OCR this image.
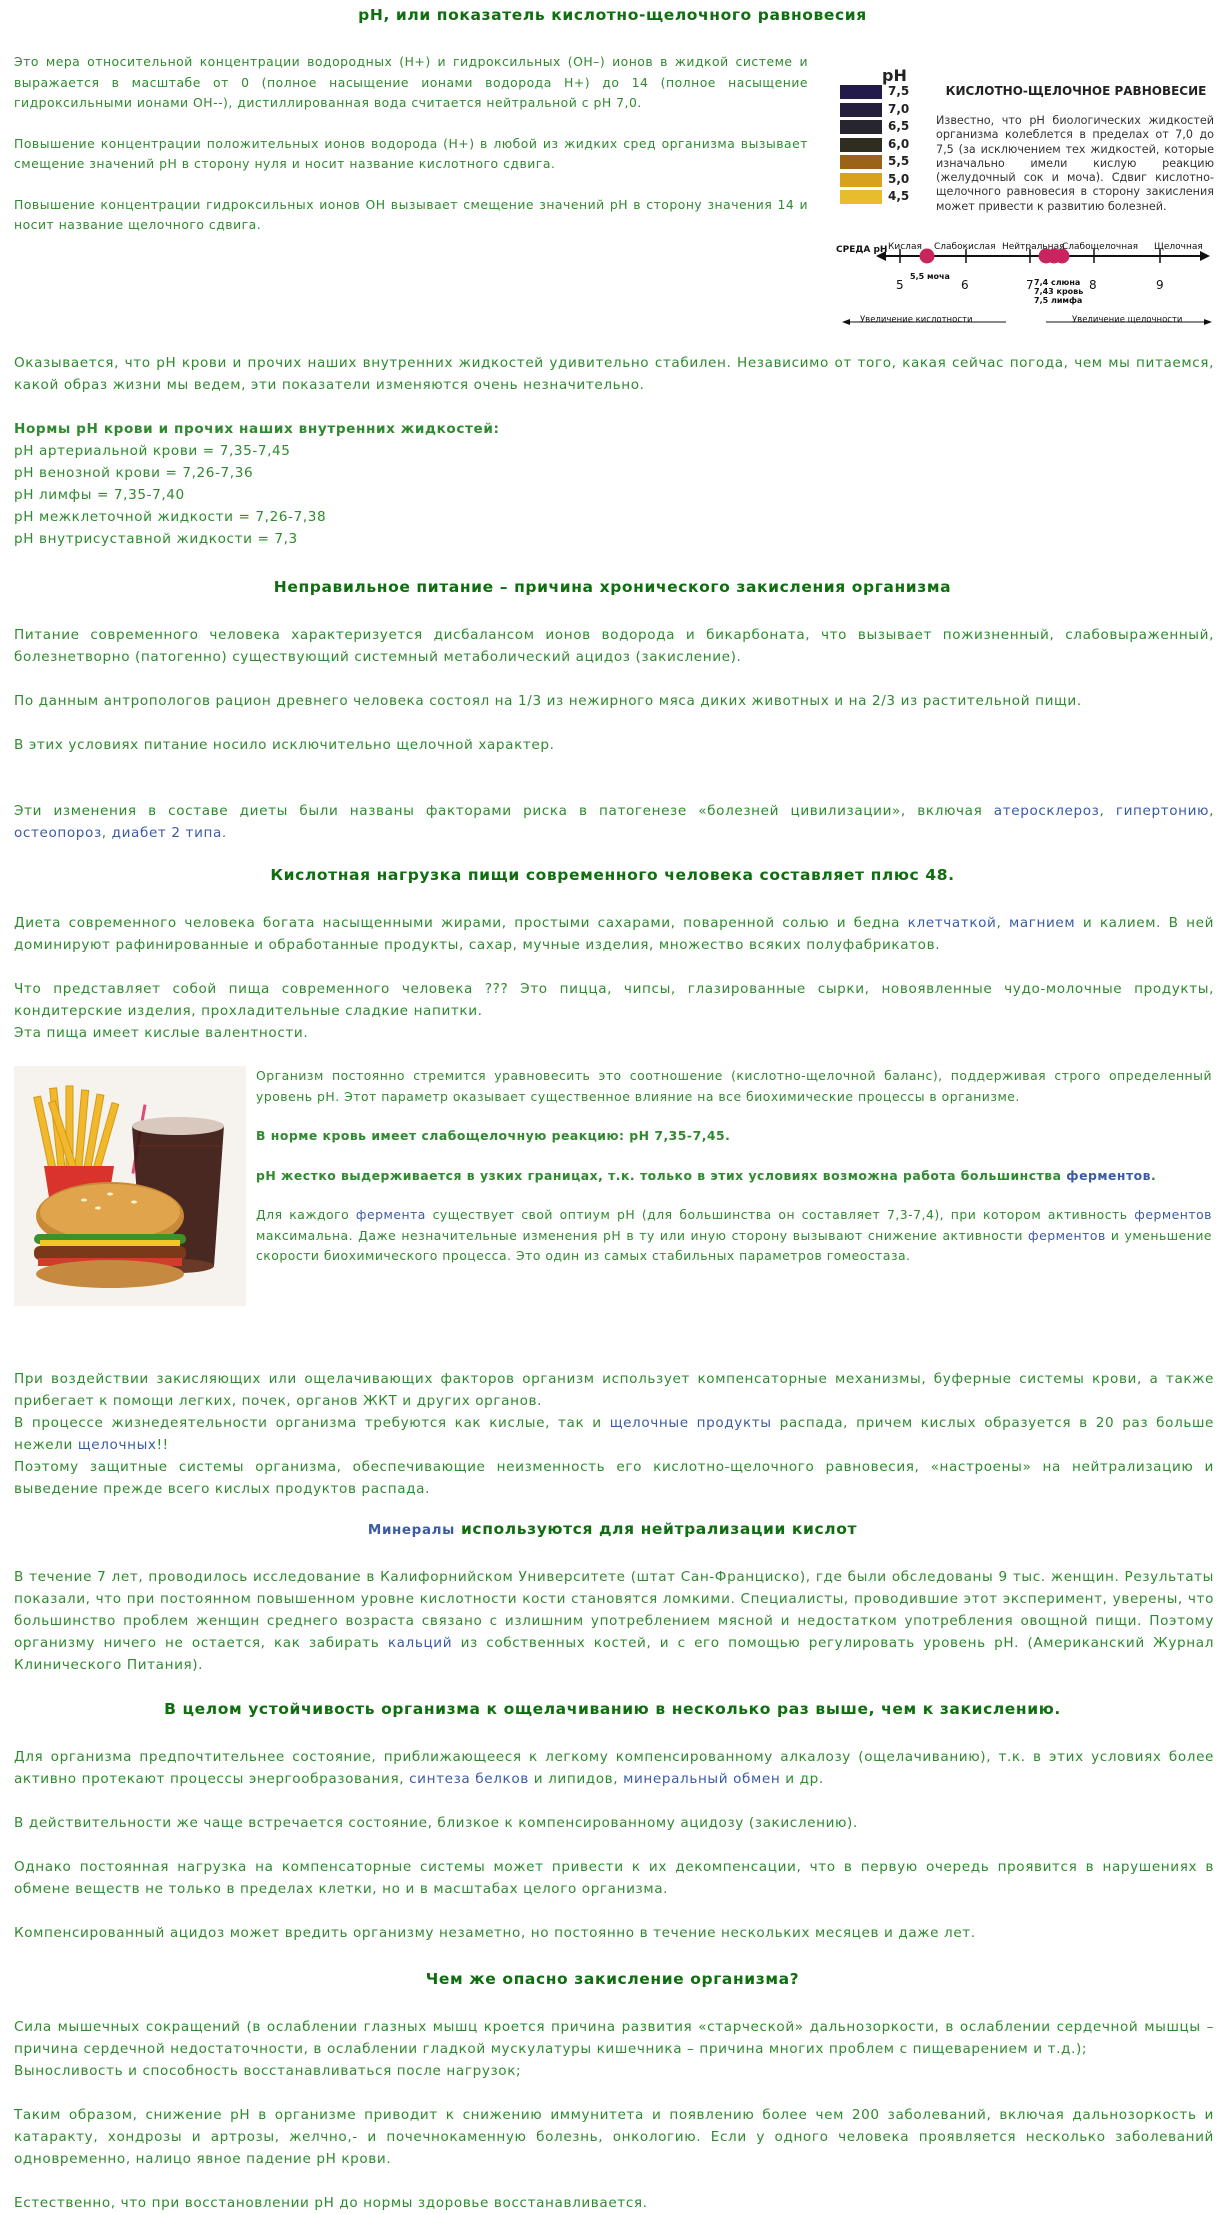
pH, или показатель кислотно-щелочного равновесия

Это мера относительной концентрации водородных (Н+) и гидроксильных (ОН–) ионов в жидкой системе и выражается в масштабе от 0 (полное насыщение ионами водорода Н+) до 14 (полное насыщение гидроксильными ионами ОН-‐), дистиллированная вода считается нейтральной с рН 7,0.

Повышение концентрации положительных ионов водорода (Н+) в любой из жидких сред организма вызывает смещение значений рН в сторону нуля и носит название кислотного сдвига.

Повышение концентрации гидроксильных ионов ОН вызывает смещение значений рН в сторону значения 14 и носит название щелочного сдвига.

pH
7,5
7,0
6,5
6,0
5,5
5,0
4,5
КИСЛОТНО-ЩЕЛОЧНОЕ РАВНОВЕСИЕ
Известно, что рН биологических жидкостей организма колеблется в пределах от 7,0 до 7,5 (за исключением тех жидкостей, которые изначально имели кислую реакцию (желудочный сок и моча). Сдвиг кислотно-щелочного равновесия в сторону закисления может привести к развитию болезней.
СРЕДА рН Кислая Слабокислая Нейтральная
Слабощелочная Щелочная
5	6	7	8	9
5,5 моча
7,4 слюна
7,43 кровь
7,5 лимфа
Увеличение кислотности	Увеличение щелочности

Оказывается, что рН крови и прочих наших внутренних жидкостей удивительно стабилен. Независимо от того, какая сейчас погода, чем мы питаемся, какой образ жизни мы ведем, эти показатели изменяются очень незначительно.

Нормы рН крови и прочих наших внутренних жидкостей:

рН артериальной крови = 7,35-7,45

рН венозной крови = 7,26-7,36

рН лимфы = 7,35-7,40

рН межклеточной жидкости = 7,26-7,38

рН внутрисуставной жидкости = 7,3

Неправильное питание – причина хронического закисления организма

Питание современного человека характеризуется дисбалансом ионов водорода и бикарбоната, что вызывает пожизненный, слабовыраженный, болезнетворно (патогенно) существующий системный метаболический ацидоз (закисление).

По данным антропологов рацион древнего человека состоял на 1/3 из нежирного мяса диких животных и на 2/3 из растительной пищи.

В этих условиях питание носило исключительно щелочной характер.

Эти изменения в составе диеты были названы факторами риска в патогенезе «болезней цивилизации», включая атеросклероз, гипертонию, остеопороз, диабет 2 типа.

Кислотная нагрузка пищи современного человека составляет плюс 48.

Диета современного человека богата насыщенными жирами, простыми сахарами, поваренной солью и бедна клетчаткой, магнием и калием. В ней доминируют рафинированные и обработанные продукты, сахар, мучные изделия, множество всяких полуфабрикатов.

Что представляет собой пища современного человека ??? Это пицца, чипсы, глазированные сырки, новоявленные чудо-молочные продукты, кондитерские изделия, прохладительные сладкие напитки.

Эта пища имеет кислые валентности.

Организм постоянно стремится уравновесить это соотношение (кислотно-щелочной баланс), поддерживая строго определенный уровень рН. Этот параметр оказывает существенное влияние на все биохимические процессы в организме.

В норме кровь имеет слабощелочную реакцию: рН 7,35-7,45.

рН жестко выдерживается в узких границах, т.к. только в этих условиях возможна работа большинства ферментов.

Для каждого фермента существует свой оптиум рН (для большинства он составляет 7,3-7,4), при котором активность ферментов максимальна. Даже незначительные изменения рН в ту или иную сторону вызывают снижение активности ферментов и уменьшение скорости биохимического процесса. Это один из самых стабильных параметров гомеостаза.

При воздействии закисляющих или ощелачивающих факторов организм использует компенсаторные механизмы, буферные системы крови, а также прибегает к помощи легких, почек, органов ЖКТ и других органов.

В процессе жизнедеятельности организма требуются как кислые, так и щелочные продукты распада, причем кислых образуется в 20 раз больше нежели щелочных!!

Поэтому защитные системы организма, обеспечивающие неизменность его кислотно-щелочного равновесия, «настроены» на нейтрализацию и выведение прежде всего кислых продуктов распада.

Минералы используются для нейтрализации кислот

В течение 7 лет, проводилось исследование в Калифорнийском Университете (штат Сан-Франциско), где были обследованы 9 тыс. женщин. Результаты показали, что при постоянном повышенном уровне кислотности кости становятся ломкими. Специалисты, проводившие этот эксперимент, уверены, что большинство проблем женщин среднего возраста связано с излишним употреблением мясной и недостатком употребления овощной пищи. Поэтому организму ничего не остается, как забирать кальций из собственных костей, и с его помощью регулировать уровень рН. (Американский Журнал Клинического Питания).

В целом устойчивость организма к ощелачиванию в несколько раз выше, чем к закислению.

Для организма предпочтительнее состояние, приближающееся к легкому компенсированному алкалозу (ощелачиванию), т.к. в этих условиях более активно протекают процессы энергообразования, синтеза белков и липидов, минеральный обмен и др.

В действительности же чаще встречается состояние, близкое к компенсированному ацидозу (закислению).

Однако постоянная нагрузка на компенсаторные системы может привести к их декомпенсации, что в первую очередь проявится в нарушениях в обмене веществ не только в пределах клетки, но и в масштабах целого организма.

Компенсированный ацидоз может вредить организму незаметно, но постоянно в течение нескольких месяцев и даже лет.

Чем же опасно закисление организма?

Сила мышечных сокращений (в ослаблении глазных мышц кроется причина развития «старческой» дальнозоркости, в ослаблении сердечной мышцы – причина сердечной недостаточности, в ослаблении гладкой мускулатуры кишечника – причина многих проблем с пищеварением и т.д.);

Выносливость и способность восстанавливаться после нагрузок;

Таким образом, снижение рН в организме приводит к снижению иммунитета и появлению более чем 200 заболеваний, включая дальнозоркость и катаракту, хондрозы и артрозы, желчно,- и почечнокаменную болезнь, онкологию. Если у одного человека проявляется несколько заболеваний одновременно, налицо явное падение рН крови.

Естественно, что при восстановлении рН до нормы здоровье восстанавливается.
